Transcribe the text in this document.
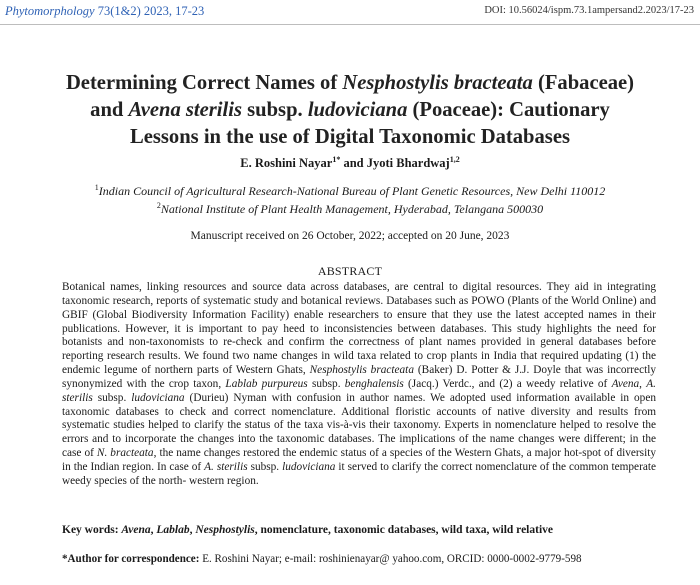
Phytomorphology 73(1&2) 2023, 17-23	DOI: 10.56024/ispm.73.1ampersand2.2023/17-23
Determining Correct Names of Nesphostylis bracteata (Fabaceae)
and Avena sterilis subsp. ludoviciana (Poaceae): Cautionary
Lessons in the use of Digital Taxonomic Databases
E. Roshini Nayar$^{1*}$ and Jyoti Bhardwaj$^{1,2}$
$^1$Indian Council of Agricultural Research-National Bureau of Plant Genetic Resources, New Delhi 110012
$^2$National Institute of Plant Health Management, Hyderabad, Telangana 500030
Manuscript received on 26 October, 2022; accepted on 20 June, 2023
ABSTRACT
Botanical names, linking resources and source data across databases, are central to digital resources. They aid in integrating taxonomic research, reports of systematic study and botanical reviews. Databases such as POWO (Plants of the World Online) and GBIF (Global Biodiversity Information Facility) enable researchers to ensure that they use the latest accepted names in their publications. However, it is important to pay heed to inconsistencies between databases. This study highlights the need for botanists and non-taxonomists to re-check and confirm the correctness of plant names provided in general databases before reporting research results. We found two name changes in wild taxa related to crop plants in India that required updating (1) the endemic legume of northern parts of Western Ghats, Nesphostylis bracteata (Baker) D. Potter & J.J. Doyle that was incorrectly synonymized with the crop taxon, Lablab purpureus subsp. benghalensis (Jacq.) Verdc., and (2) a weedy relative of Avena, A. sterilis subsp. ludoviciana (Durieu) Nyman with confusion in author names. We adopted used information available in open taxonomic databases to check and correct nomenclature. Additional floristic accounts of native diversity and results from systematic studies helped to clarify the status of the taxa vis-à-vis their taxonomy. Experts in nomenclature helped to resolve the errors and to incorporate the changes into the taxonomic databases. The implications of the name changes were different; in the case of N. bracteata, the name changes restored the endemic status of a species of the Western Ghats, a major hot-spot of diversity in the Indian region. In case of A. sterilis subsp. ludoviciana it served to clarify the correct nomenclature of the common temperate weedy species of the north- western region.
Key words: Avena, Lablab, Nesphostylis, nomenclature, taxonomic databases, wild taxa, wild relative
*Author for correspondence: E. Roshini Nayar; e-mail: roshinienayar@ yahoo.com, ORCID: 0000-0002-9779-598
